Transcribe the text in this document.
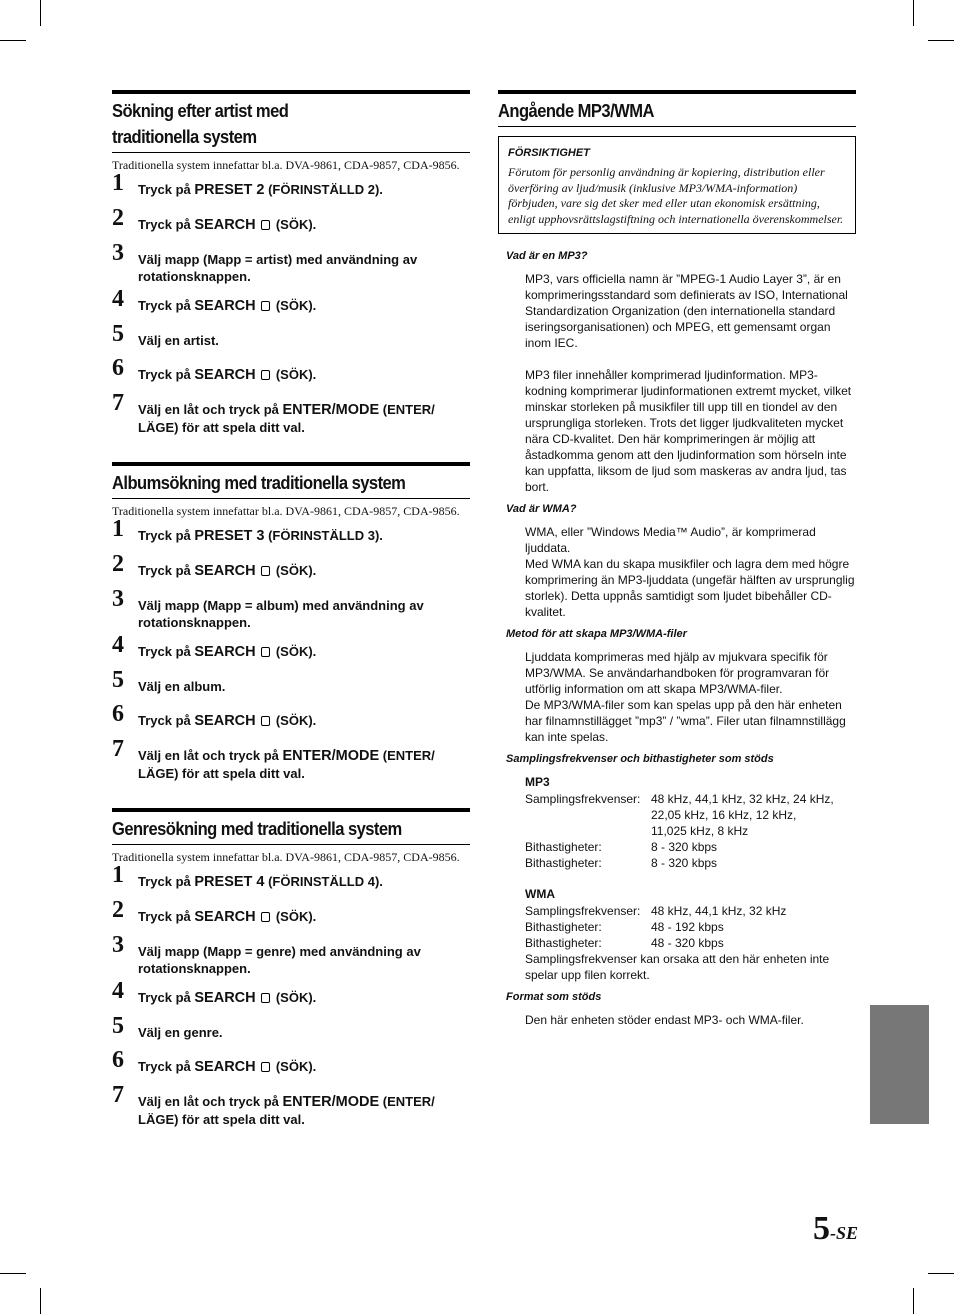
Sökning efter artist med
traditionella system
Traditionella system innefattar bl.a. DVA-9861, CDA-9857, CDA-9856.
1 Tryck på PRESET 2 (FÖRINSTÄLLD 2).
2 Tryck på SEARCH  (SÖK).
3 Välj mapp (Mapp = artist) med användning av rotationsknappen.
4 Tryck på SEARCH  (SÖK).
5 Välj en artist.
6 Tryck på SEARCH  (SÖK).
7 Välj en låt och tryck på ENTER/MODE (ENTER/ LÄGE) för att spela ditt val.
Albumsökning med traditionella system
Traditionella system innefattar bl.a. DVA-9861, CDA-9857, CDA-9856.
1 Tryck på PRESET 3 (FÖRINSTÄLLD 3).
2 Tryck på SEARCH  (SÖK).
3 Välj mapp (Mapp = album) med användning av rotationsknappen.
4 Tryck på SEARCH  (SÖK).
5 Välj en album.
6 Tryck på SEARCH  (SÖK).
7 Välj en låt och tryck på ENTER/MODE (ENTER/ LÄGE) för att spela ditt val.
Genresökning med traditionella system
Traditionella system innefattar bl.a. DVA-9861, CDA-9857, CDA-9856.
1 Tryck på PRESET 4 (FÖRINSTÄLLD 4).
2 Tryck på SEARCH  (SÖK).
3 Välj mapp (Mapp = genre) med användning av rotationsknappen.
4 Tryck på SEARCH  (SÖK).
5 Välj en genre.
6 Tryck på SEARCH  (SÖK).
7 Välj en låt och tryck på ENTER/MODE (ENTER/ LÄGE) för att spela ditt val.
Angående MP3/WMA
FÖRSIKTIGHET
Förutom för personlig användning är kopiering, distribution eller överföring av ljud/musik (inklusive MP3/WMA-information) förbjuden, vare sig det sker med eller utan ekonomisk ersättning, enligt upphovsrättslagstiftning och internationella överenskommelser.
Vad är en MP3?
MP3, vars officiella namn är ”MPEG-1 Audio Layer 3”, är en komprimeringsstandard som definierats av ISO, International Standardization Organization (den internationella standard iseringsorganisationen) och MPEG, ett gemensamt organ inom IEC.
MP3 filer innehåller komprimerad ljudinformation. MP3-kodning komprimerar ljudinformationen extremt mycket, vilket minskar storleken på musikfiler till upp till en tiondel av den ursprungliga storleken. Trots det ligger ljudkvaliteten mycket nära CD-kvalitet. Den här komprimeringen är möjlig att åstadkomma genom att den ljudinformation som hörseln inte kan uppfatta, liksom de ljud som maskeras av andra ljud, tas bort.
Vad är WMA?
WMA, eller ”Windows Media™ Audio”, är komprimerad ljuddata.
Med WMA kan du skapa musikfiler och lagra dem med högre komprimering än MP3-ljuddata (ungefär hälften av ursprunglig storlek). Detta uppnås samtidigt som ljudet bibehåller CD-kvalitet.
Metod för att skapa MP3/WMA-filer
Ljuddata komprimeras med hjälp av mjukvara specifik för MP3/WMA. Se användarhandboken för programvaran för utförlig information om att skapa MP3/WMA-filer.
De MP3/WMA-filer som kan spelas upp på den här enheten har filnamnstillägget ”mp3” / ”wma”. Filer utan filnamnstillägg kan inte spelas.
Samplingsfrekvenser och bithastigheter som stöds
MP3
Samplingsfrekvenser: 48 kHz, 44,1 kHz, 32 kHz, 24 kHz,
22,05 kHz, 16 kHz, 12 kHz,
11,025 kHz, 8 kHz
Bithastigheter:	8 - 320 kbps
Bithastigheter:	8 - 320 kbps
WMA
Samplingsfrekvenser: 48 kHz, 44,1 kHz, 32 kHz
Bithastigheter:	48 - 192 kbps
Bithastigheter:	48 - 320 kbps
Samplingsfrekvenser kan orsaka att den här enheten inte spelar upp filen korrekt.
Format som stöds
Den här enheten stöder endast MP3- och WMA-filer.
5-SE
